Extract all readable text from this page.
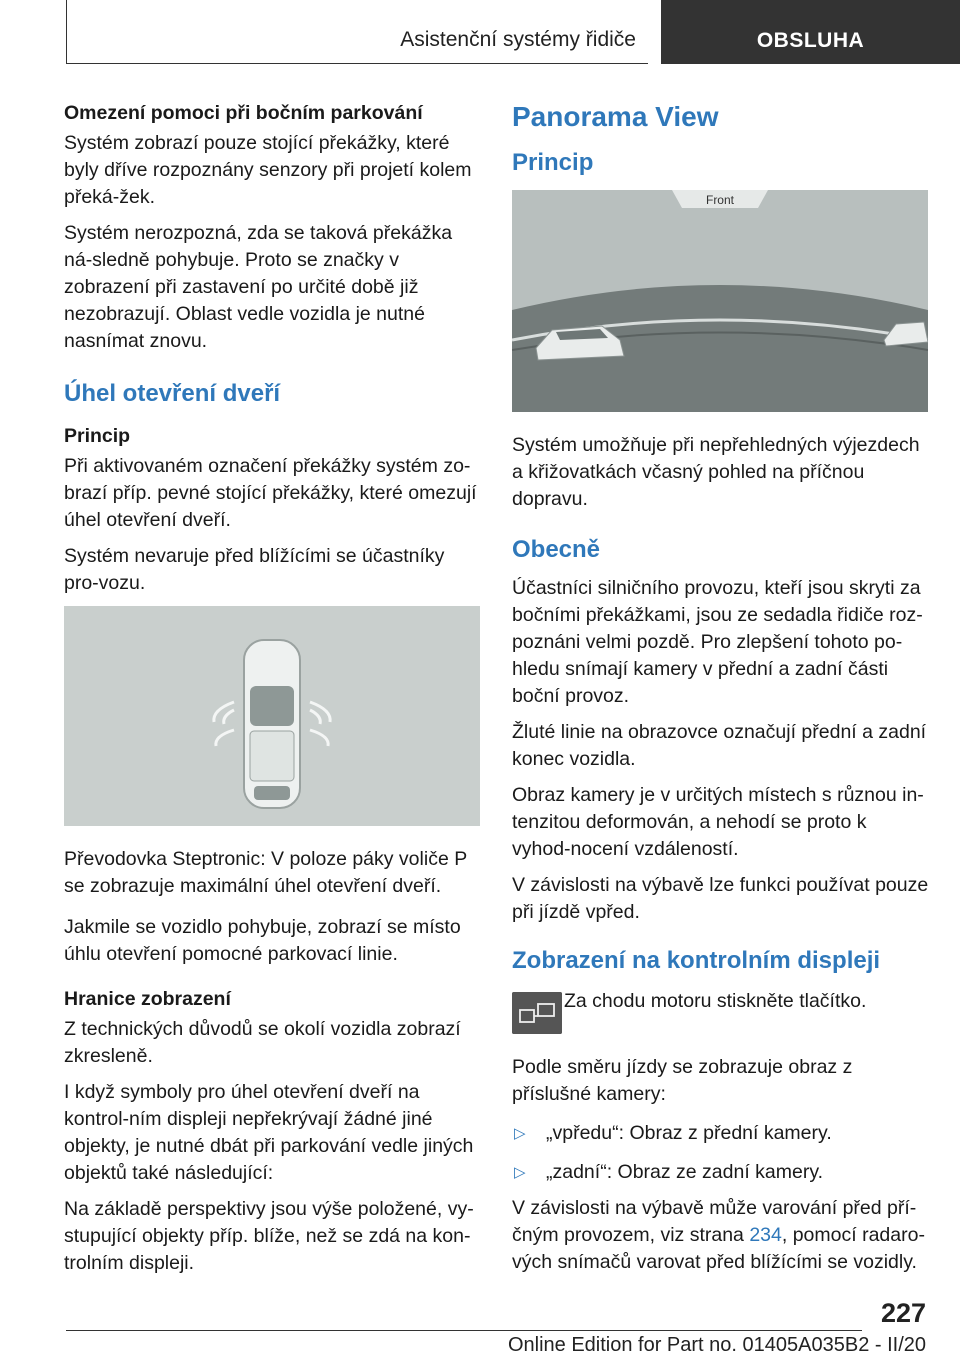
Asistenční systémy řidiče	OBSLUHA
Omezení pomoci při bočním parkování

Systém zobrazí pouze stojící překážky, které byly dříve rozpoznány senzory při projetí kolem překá-žek.

Systém nerozpozná, zda se taková překážka ná-sledně pohybuje. Proto se značky v zobrazení při zastavení po určité době již nezobrazují. Oblast vedle vozidla je nutné nasnímat znovu.

Úhel otevření dveří
Princip

Při aktivovaném označení překážky systém zo-brazí příp. pevné stojící překážky, které omezují úhel otevření dveří.

Systém nevaruje před blížícími se účastníky pro-vozu.

Převodovka Steptronic: V poloze páky voliče P se zobrazuje maximální úhel otevření dveří.

Jakmile se vozidlo pohybuje, zobrazí se místo úhlu otevření pomocné parkovací linie.

Hranice zobrazení

Z technických důvodů se okolí vozidla zobrazí zkresleně.

I když symboly pro úhel otevření dveří na kontrol-ním displeji nepřekrývají žádné jiné objekty, je nutné dbát při parkování vedle jiných objektů také následující:

Na základě perspektivy jsou výše položené, vy-stupující objekty příp. blíže, než se zdá na kon-trolním displeji.

Panorama View
Princip
Front

Systém umožňuje při nepřehledných výjezdech a křižovatkách včasný pohled na příčnou dopravu.

Obecně

Účastníci silničního provozu, kteří jsou skryti za bočními překážkami, jsou ze sedadla řidiče roz-poznáni velmi pozdě. Pro zlepšení tohoto po-hledu snímají kamery v přední a zadní části boční provoz.

Žluté linie na obrazovce označují přední a zadní konec vozidla.

Obraz kamery je v určitých místech s různou in-tenzitou deformován, a nehodí se proto k vyhod-nocení vzdáleností.

V závislosti na výbavě lze funkci používat pouze při jízdě vpřed.

Zobrazení na kontrolním displeji

Za chodu motoru stiskněte tlačítko.

Podle směru jízdy se zobrazuje obraz z příslušné kamery:

▷ „vpředu“: Obraz z přední kamery.

▷ „zadní“: Obraz ze zadní kamery.

V závislosti na výbavě může varování před pří-čným provozem, viz strana 234, pomocí radaro-vých snímačů varovat před blížícími se vozidly.

227
Online Edition for Part no. 01405A035B2 - II/20
